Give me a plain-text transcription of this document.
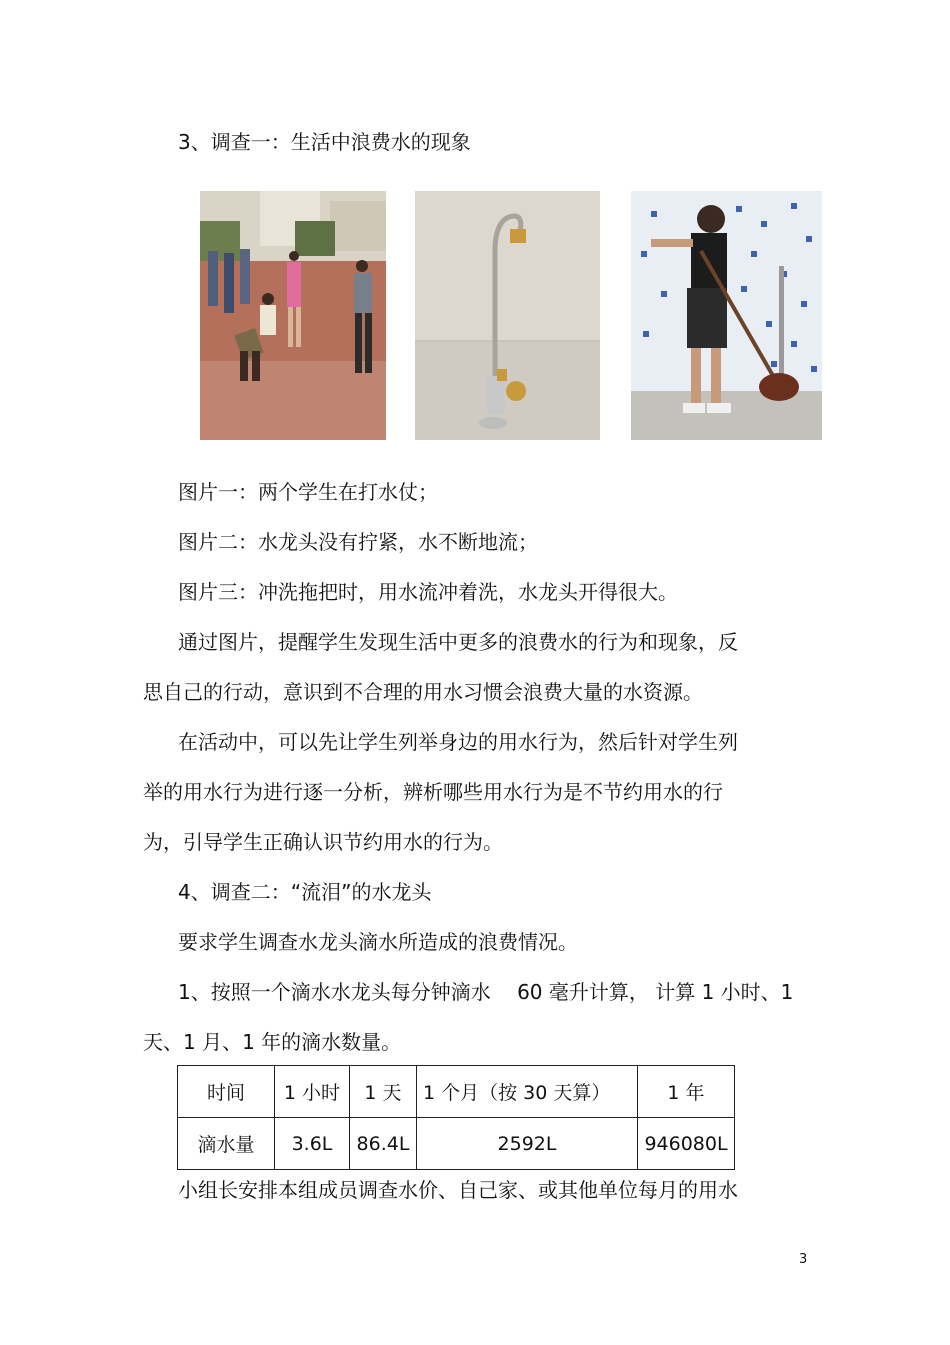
3、调查一：生活中浪费水的现象
图片一：两个学生在打水仗；
图片二：水龙头没有拧紧，水不断地流；
图片三：冲洗拖把时，用水流冲着洗，水龙头开得很大。
通过图片，提醒学生发现生活中更多的浪费水的行为和现象，反
思自己的行动，意识到不合理的用水习惯会浪费大量的水资源。
在活动中，可以先让学生列举身边的用水行为，然后针对学生列
举的用水行为进行逐一分析，辨析哪些用水行为是不节约用水的行
为，引导学生正确认识节约用水的行为。
4、调查二：“流泪”的水龙头
要求学生调查水龙头滴水所造成的浪费情况。
1、按照一个滴水水龙头每分钟滴水　 60 毫升计算， 计算 1 小时、1
天、1 月、1 年的滴水数量。
时间	1 小时	1 天	1 个月（按 30 天算）	1 年
滴水量	3.6L	86.4L	2592L	946080L
小组长安排本组成员调查水价、自己家、或其他单位每月的用水
3
